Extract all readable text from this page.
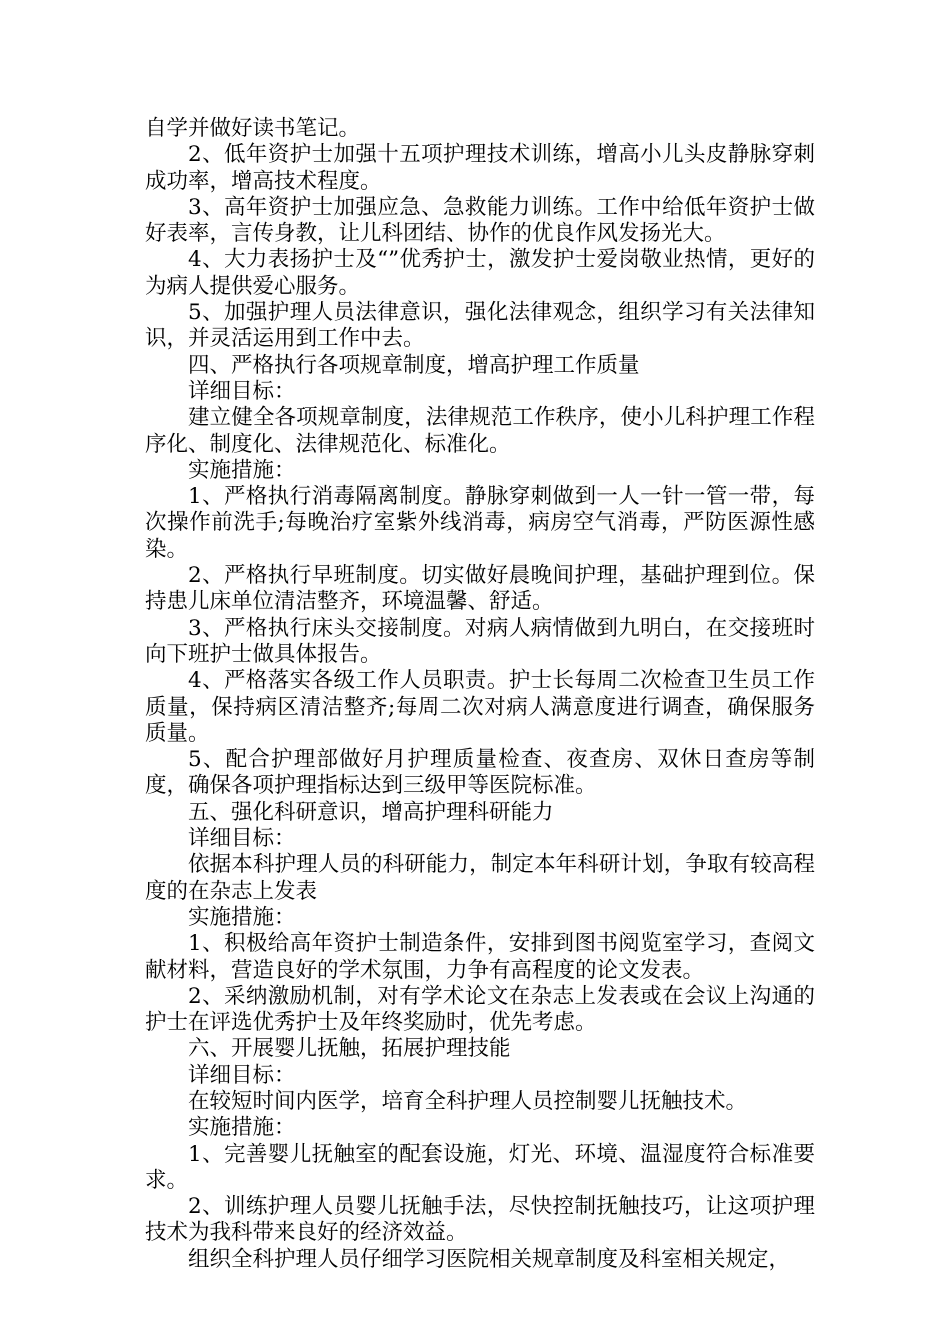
自学并做好读书笔记。

2、低年资护士加强十五项护理技术训练，增高小儿头皮静脉穿刺成功率，增高技术程度。

3、高年资护士加强应急、急救能力训练。工作中给低年资护士做好表率，言传身教，让儿科团结、协作的优良作风发扬光大。

4、大力表扬护士及“”优秀护士，激发护士爱岗敬业热情，更好的为病人提供爱心服务。

5、加强护理人员法律意识，强化法律观念，组织学习有关法律知识，并灵活运用到工作中去。

四、严格执行各项规章制度，增高护理工作质量

详细目标：

建立健全各项规章制度，法律规范工作秩序，使小儿科护理工作程序化、制度化、法律规范化、标准化。

实施措施：

1、严格执行消毒隔离制度。静脉穿刺做到一人一针一管一带，每次操作前洗手;每晚治疗室紫外线消毒，病房空气消毒，严防医源性感染。

2、严格执行早班制度。切实做好晨晚间护理，基础护理到位。保持患儿床单位清洁整齐，环境温馨、舒适。

3、严格执行床头交接制度。对病人病情做到九明白，在交接班时向下班护士做具体报告。

4、严格落实各级工作人员职责。护士长每周二次检查卫生员工作质量，保持病区清洁整齐;每周二次对病人满意度进行调查，确保服务质量。

5、配合护理部做好月护理质量检查、夜查房、双休日查房等制度，确保各项护理指标达到三级甲等医院标准。

五、强化科研意识，增高护理科研能力

详细目标：

依据本科护理人员的科研能力，制定本年科研计划，争取有较高程度的在杂志上发表

实施措施：

1、积极给高年资护士制造条件，安排到图书阅览室学习，查阅文献材料，营造良好的学术氛围，力争有高程度的论文发表。

2、采纳激励机制，对有学术论文在杂志上发表或在会议上沟通的护士在评选优秀护士及年终奖励时，优先考虑。

六、开展婴儿抚触，拓展护理技能

详细目标：

在较短时间内医学，培育全科护理人员控制婴儿抚触技术。

实施措施：

1、完善婴儿抚触室的配套设施，灯光、环境、温湿度符合标准要求。

2、训练护理人员婴儿抚触手法，尽快控制抚触技巧，让这项护理技术为我科带来良好的经济效益。

组织全科护理人员仔细学习医院相关规章制度及科室相关规定，
